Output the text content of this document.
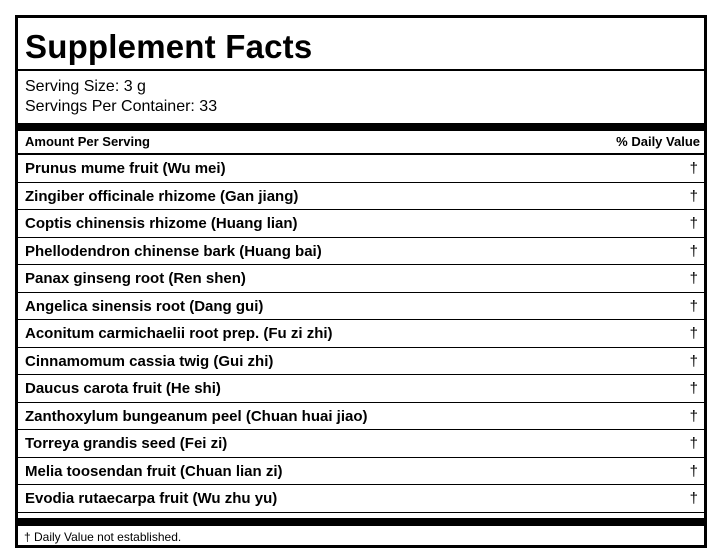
Supplement Facts
Serving Size: 3 g
Servings Per Container: 33
Amount Per Serving	% Daily Value
Prunus mume fruit (Wu mei)	†
Zingiber officinale rhizome (Gan jiang)	†
Coptis chinensis rhizome (Huang lian)	†
Phellodendron chinense bark (Huang bai)	†
Panax ginseng root (Ren shen)	†
Angelica sinensis root (Dang gui)	†
Aconitum carmichaelii root prep. (Fu zi zhi)	†
Cinnamomum cassia twig (Gui zhi)	†
Daucus carota fruit (He shi)	†
Zanthoxylum bungeanum peel (Chuan huai jiao)	†
Torreya grandis seed (Fei zi)	†
Melia toosendan fruit (Chuan lian zi)	†
Evodia rutaecarpa fruit (Wu zhu yu)	†
† Daily Value not established.
